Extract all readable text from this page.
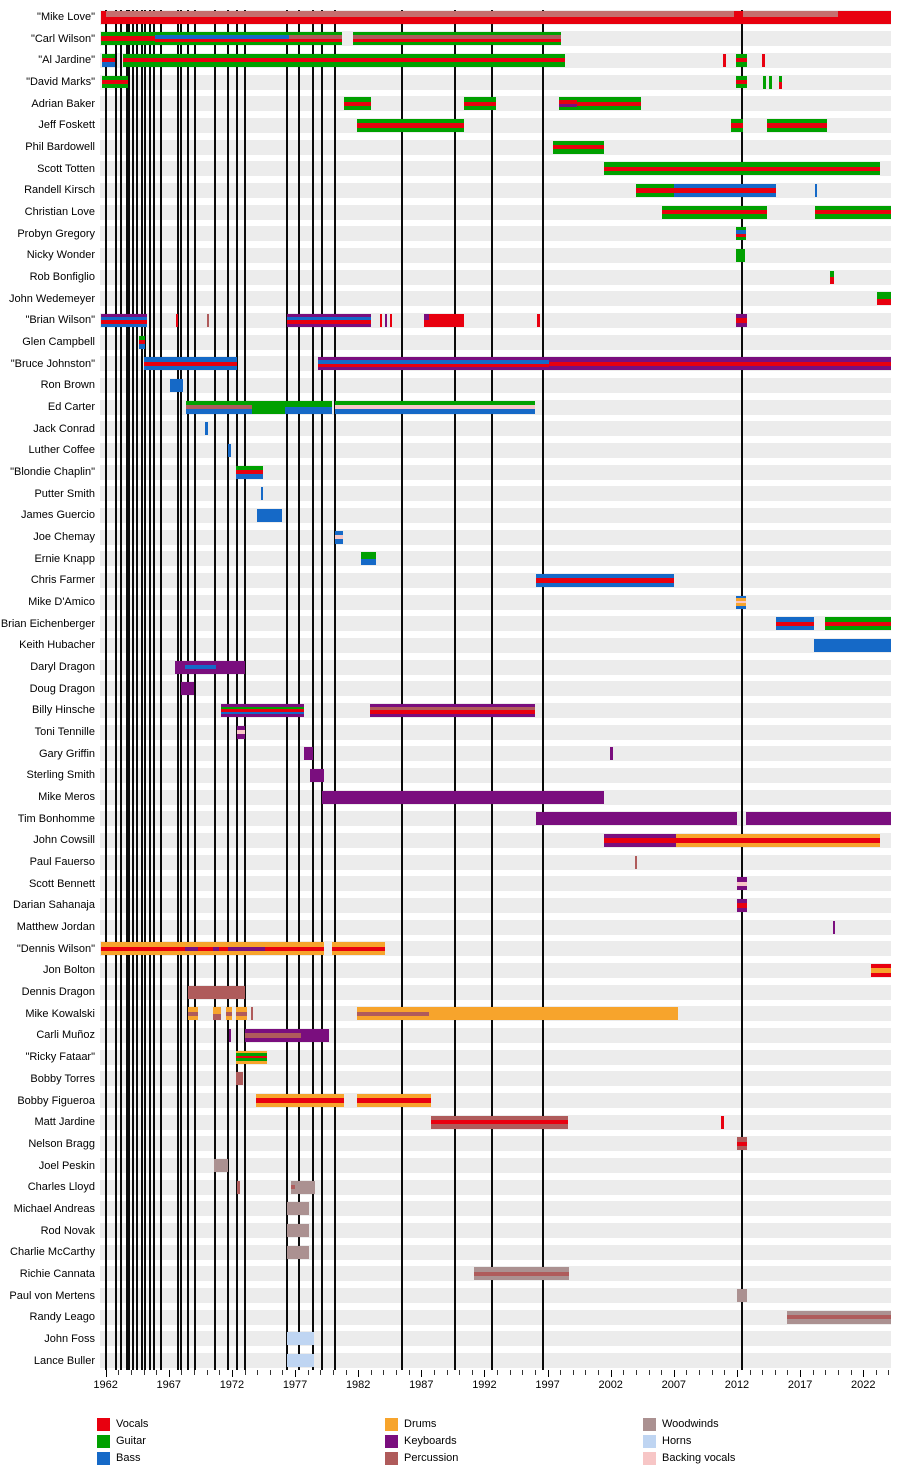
"Mike Love"
"Carl Wilson"
"Al Jardine"
"David Marks"
Adrian Baker
Jeff Foskett
Phil Bardowell
Scott Totten
Randell Kirsch
Christian Love
Probyn Gregory
Nicky Wonder
Rob Bonfiglio
John Wedemeyer
"Brian Wilson"
Glen Campbell
"Bruce Johnston"
Ron Brown
Ed Carter
Jack Conrad
Luther Coffee
"Blondie Chaplin"
Putter Smith
James Guercio
Joe Chemay
Ernie Knapp
Chris Farmer
Mike D'Amico
Brian Eichenberger
Keith Hubacher
Daryl Dragon
Doug Dragon
Billy Hinsche
Toni Tennille
Gary Griffin
Sterling Smith
Mike Meros
Tim Bonhomme
John Cowsill
Paul Fauerso
Scott Bennett
Darian Sahanaja
Matthew Jordan
"Dennis Wilson"
Jon Bolton
Dennis Dragon
Mike Kowalski
Carli Muñoz
"Ricky Fataar"
Bobby Torres
Bobby Figueroa
Matt Jardine
Nelson Bragg
Joel Peskin
Charles Lloyd
Michael Andreas
Rod Novak
Charlie McCarthy
Richie Cannata
Paul von Mertens
Randy Leago
John Foss
Lance Buller
1962	1967	1972	1977	1982	1987	1992	1997	2002	2007	2012	2017	2022
Vocals
Guitar
Bass
Drums
Keyboards
Percussion
Woodwinds
Horns
Backing vocals
